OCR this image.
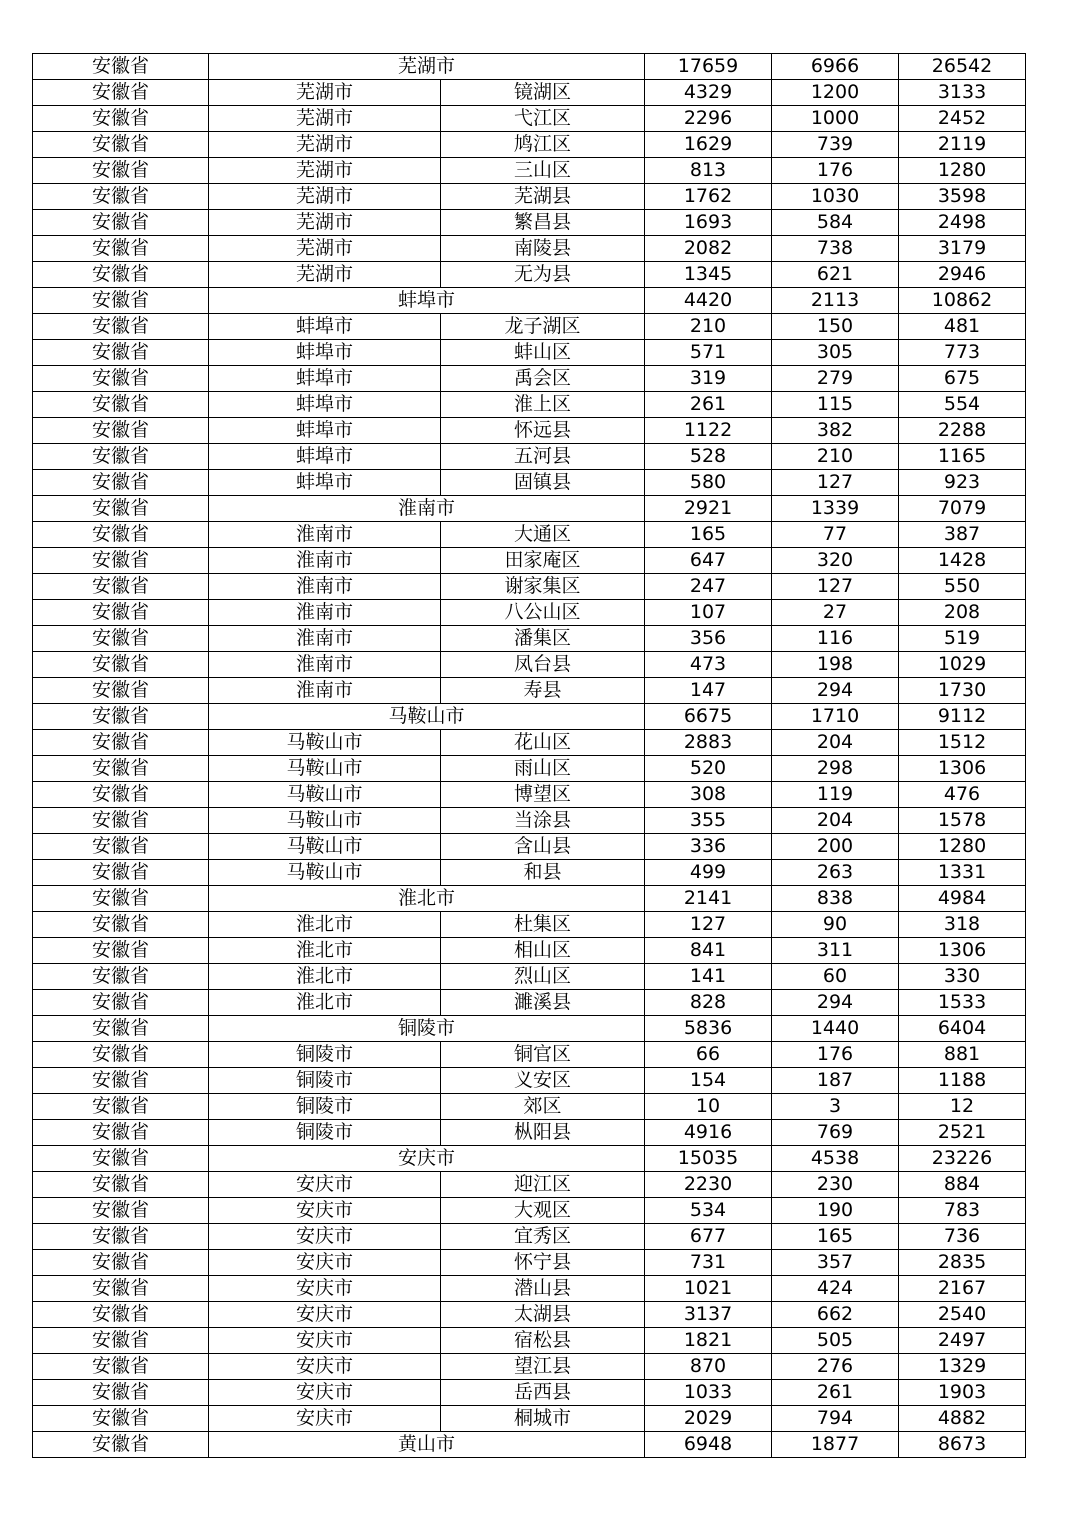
安徽省	芜湖市		17659	6966	26542
安徽省	芜湖市	镜湖区	4329	1200	3133
安徽省	芜湖市	弋江区	2296	1000	2452
安徽省	芜湖市	鸠江区	1629	739	2119
安徽省	芜湖市	三山区	813	176	1280
安徽省	芜湖市	芜湖县	1762	1030	3598
安徽省	芜湖市	繁昌县	1693	584	2498
安徽省	芜湖市	南陵县	2082	738	3179
安徽省	芜湖市	无为县	1345	621	2946
安徽省	蚌埠市		4420	2113	10862
安徽省	蚌埠市	龙子湖区	210	150	481
安徽省	蚌埠市	蚌山区	571	305	773
安徽省	蚌埠市	禹会区	319	279	675
安徽省	蚌埠市	淮上区	261	115	554
安徽省	蚌埠市	怀远县	1122	382	2288
安徽省	蚌埠市	五河县	528	210	1165
安徽省	蚌埠市	固镇县	580	127	923
安徽省	淮南市		2921	1339	7079
安徽省	淮南市	大通区	165	77	387
安徽省	淮南市	田家庵区	647	320	1428
安徽省	淮南市	谢家集区	247	127	550
安徽省	淮南市	八公山区	107	27	208
安徽省	淮南市	潘集区	356	116	519
安徽省	淮南市	凤台县	473	198	1029
安徽省	淮南市	寿县	147	294	1730
安徽省	马鞍山市		6675	1710	9112
安徽省	马鞍山市	花山区	2883	204	1512
安徽省	马鞍山市	雨山区	520	298	1306
安徽省	马鞍山市	博望区	308	119	476
安徽省	马鞍山市	当涂县	355	204	1578
安徽省	马鞍山市	含山县	336	200	1280
安徽省	马鞍山市	和县	499	263	1331
安徽省	淮北市		2141	838	4984
安徽省	淮北市	杜集区	127	90	318
安徽省	淮北市	相山区	841	311	1306
安徽省	淮北市	烈山区	141	60	330
安徽省	淮北市	濉溪县	828	294	1533
安徽省	铜陵市		5836	1440	6404
安徽省	铜陵市	铜官区	66	176	881
安徽省	铜陵市	义安区	154	187	1188
安徽省	铜陵市	郊区	10	3	12
安徽省	铜陵市	枞阳县	4916	769	2521
安徽省	安庆市		15035	4538	23226
安徽省	安庆市	迎江区	2230	230	884
安徽省	安庆市	大观区	534	190	783
安徽省	安庆市	宜秀区	677	165	736
安徽省	安庆市	怀宁县	731	357	2835
安徽省	安庆市	潜山县	1021	424	2167
安徽省	安庆市	太湖县	3137	662	2540
安徽省	安庆市	宿松县	1821	505	2497
安徽省	安庆市	望江县	870	276	1329
安徽省	安庆市	岳西县	1033	261	1903
安徽省	安庆市	桐城市	2029	794	4882
安徽省	黄山市		6948	1877	8673
